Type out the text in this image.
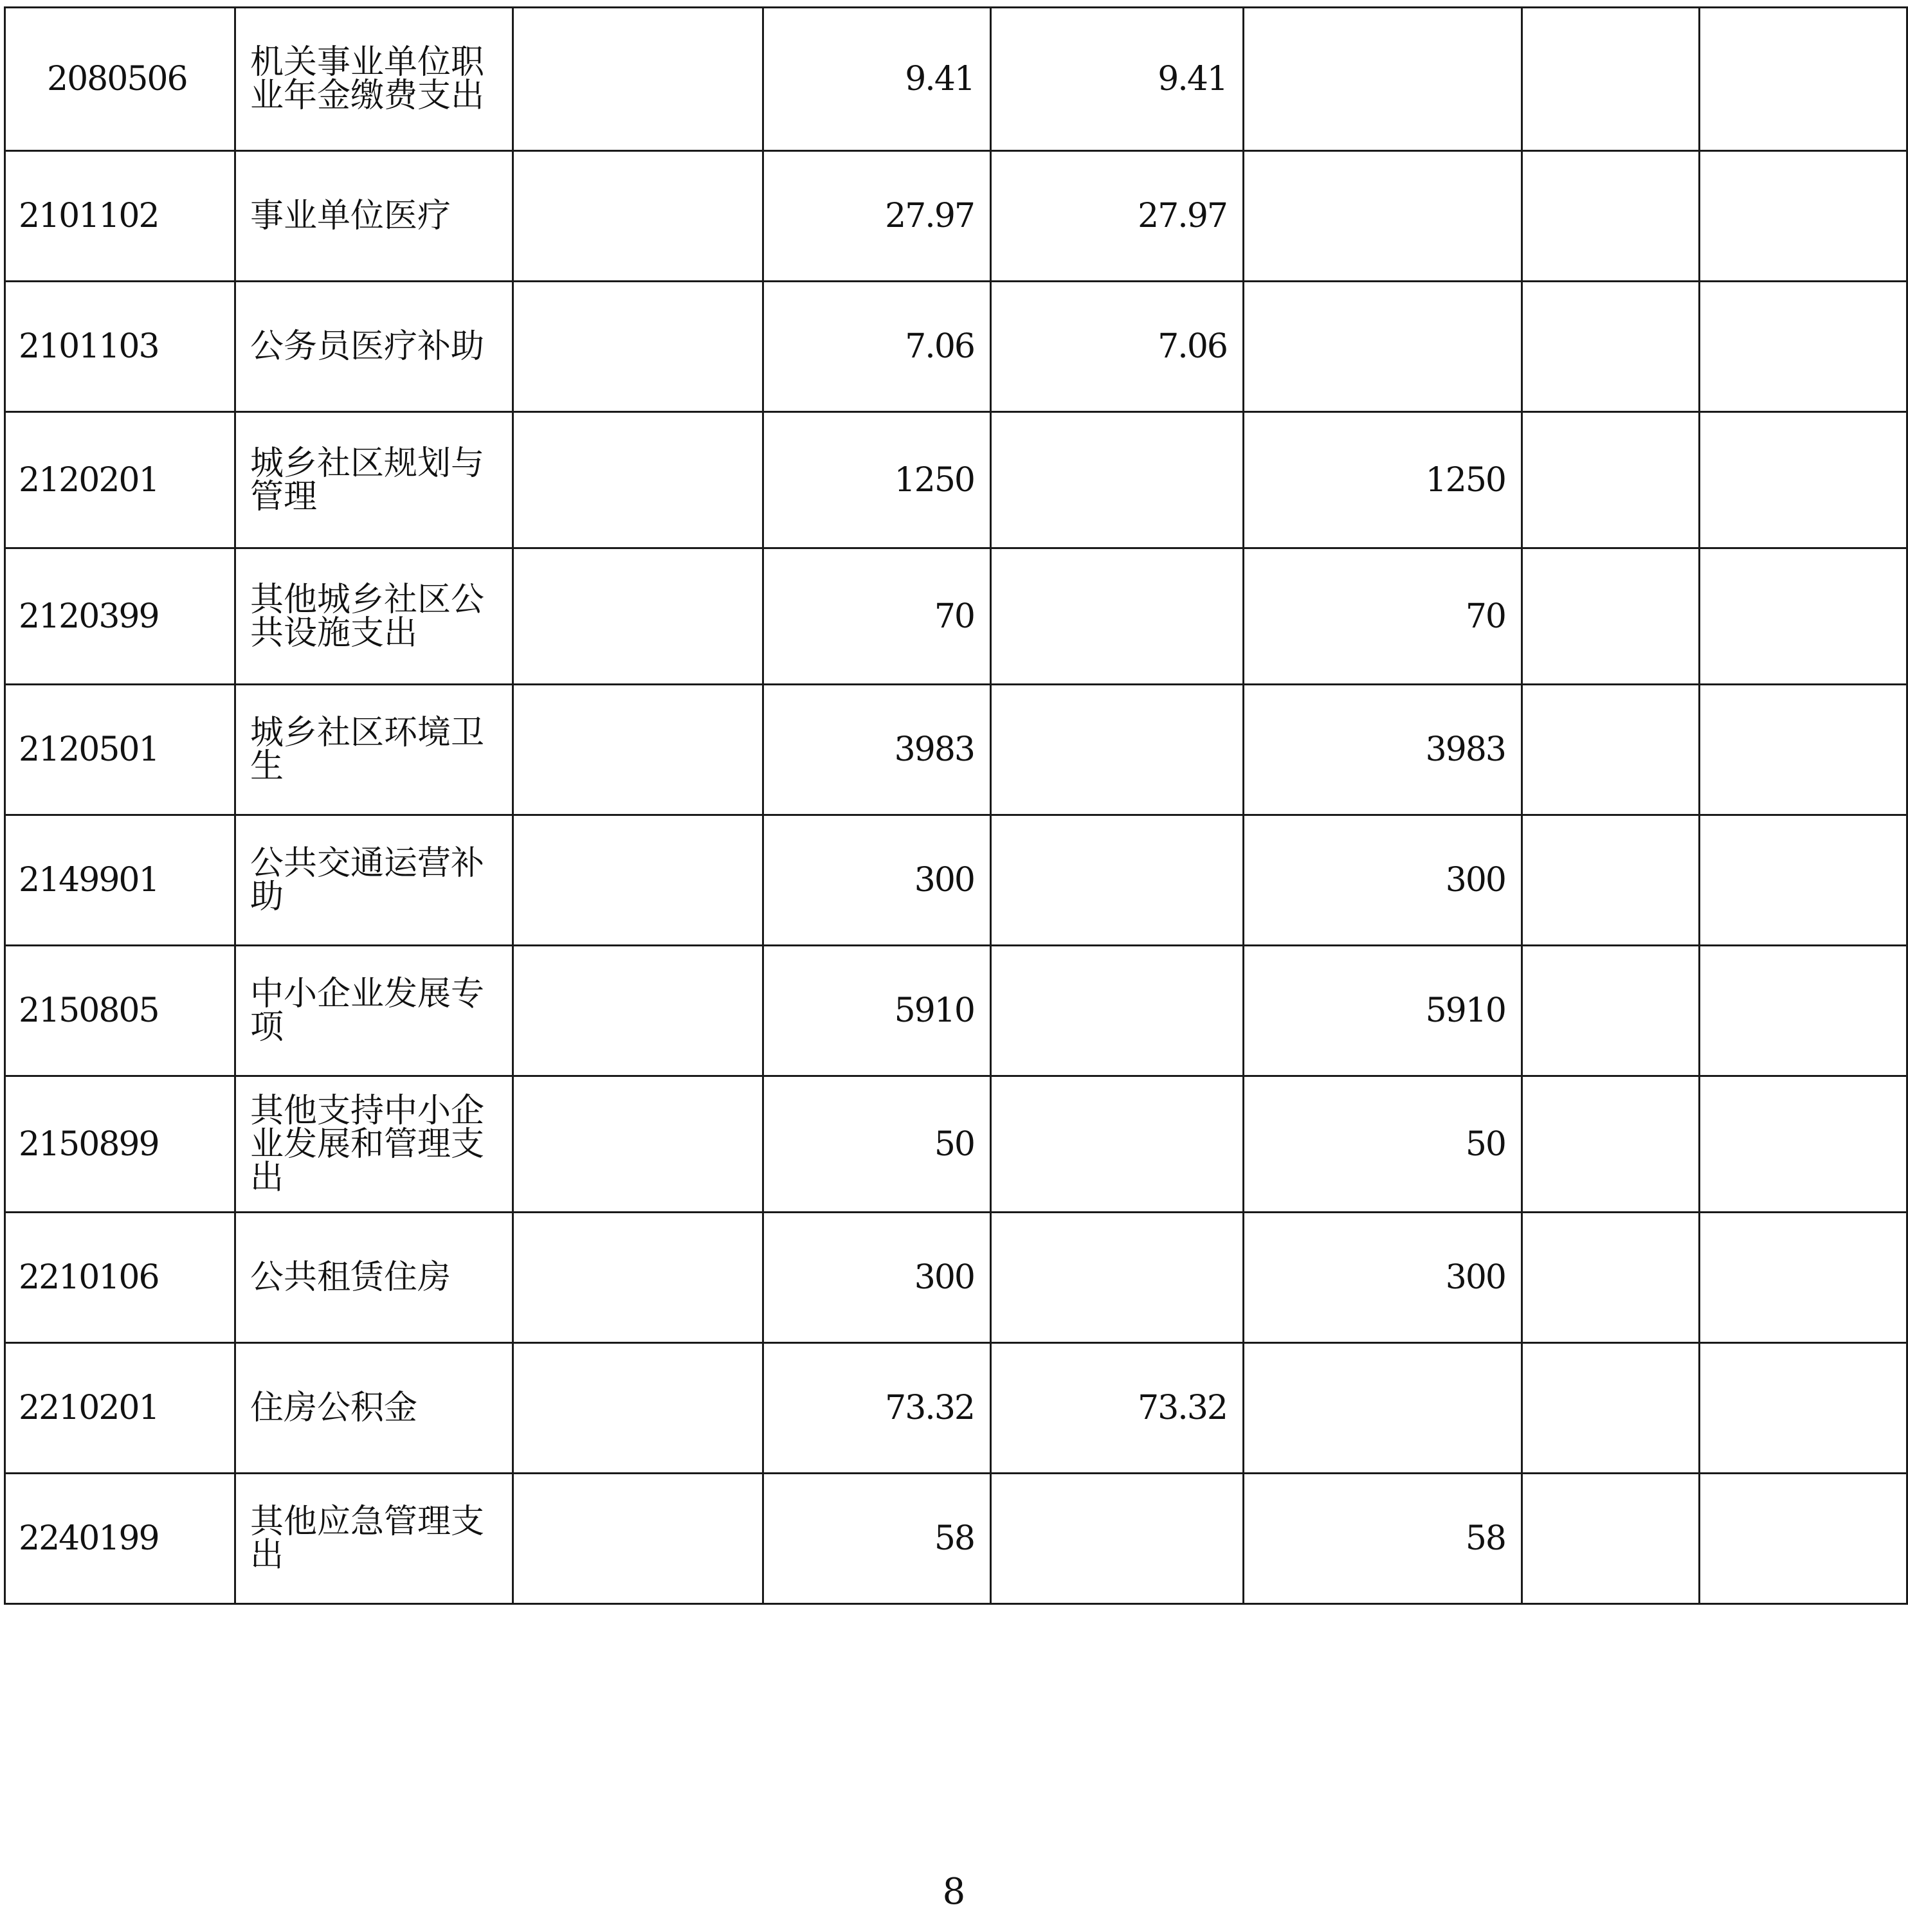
2080506	机关事业单位职业年金缴费支出		9.41	9.41			
2101102	事业单位医疗		27.97	27.97			
2101103	公务员医疗补助		7.06	7.06			
2120201	城乡社区规划与管理		1250		1250		
2120399	其他城乡社区公共设施支出		70		70		
2120501	城乡社区环境卫生		3983		3983		
2149901	公共交通运营补助		300		300		
2150805	中小企业发展专项		5910		5910		
2150899	其他支持中小企业发展和管理支出		50		50		
2210106	公共租赁住房		300		300		
2210201	住房公积金		73.32	73.32			
2240199	其他应急管理支出		58		58		
8
